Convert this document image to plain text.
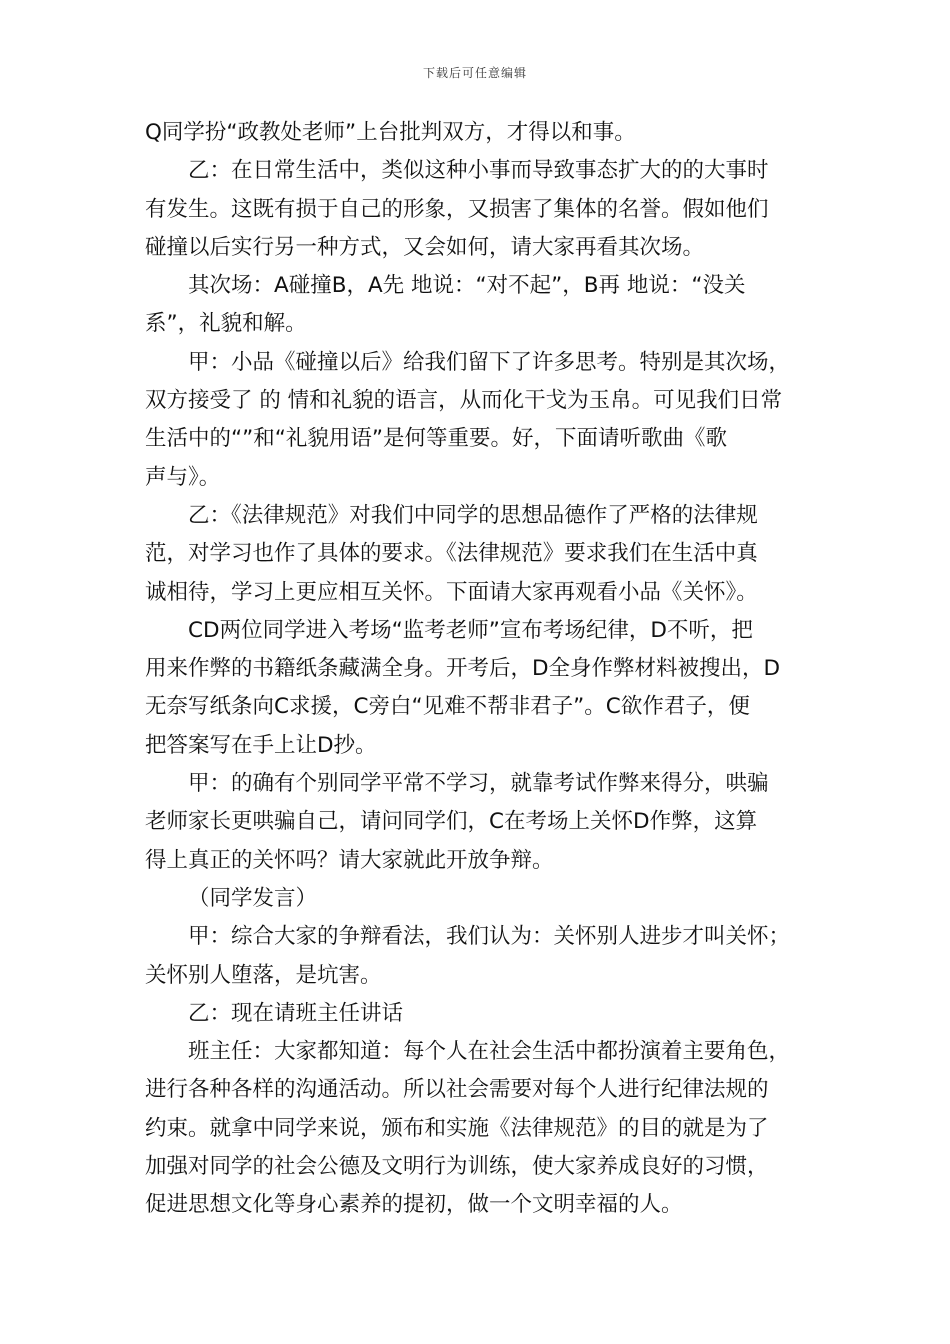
下载后可任意编辑
Q同学扮“政教处老师”上台批判双方，才得以和事。
乙：在日常生活中，类似这种小事而导致事态扩大的的大事时
有发生。这既有损于自己的形象，又损害了集体的名誉。假如他们
碰撞以后实行另一种方式，又会如何，请大家再看其次场。
其次场：A碰撞B，A先 地说：“对不起”，B再 地说：“没关
系”，礼貌和解。
甲：小品《碰撞以后》给我们留下了许多思考。特别是其次场，
双方接受了 的 情和礼貌的语言，从而化干戈为玉帛。可见我们日常
生活中的“”和“礼貌用语”是何等重要。好，下面请听歌曲《歌
声与》。
乙：《法律规范》对我们中同学的思想品德作了严格的法律规
范，对学习也作了具体的要求。《法律规范》要求我们在生活中真
诚相待，学习上更应相互关怀。下面请大家再观看小品《关怀》。
CD两位同学进入考场“监考老师”宣布考场纪律，D不听，把
用来作弊的书籍纸条藏满全身。开考后，D全身作弊材料被搜出，D
无奈写纸条向C求援，C旁白“见难不帮非君子”。C欲作君子，便
把答案写在手上让D抄。
甲：的确有个别同学平常不学习，就靠考试作弊来得分，哄骗
老师家长更哄骗自己，请问同学们，C在考场上关怀D作弊，这算
得上真正的关怀吗？请大家就此开放争辩。
（同学发言）
甲：综合大家的争辩看法，我们认为：关怀别人进步才叫关怀；
关怀别人堕落，是坑害。
乙：现在请班主任讲话
班主任：大家都知道：每个人在社会生活中都扮演着主要角色，
进行各种各样的沟通活动。所以社会需要对每个人进行纪律法规的
约束。就拿中同学来说，颁布和实施《法律规范》的目的就是为了
加强对同学的社会公德及文明行为训练，使大家养成良好的习惯，
促进思想文化等身心素养的提初，做一个文明幸福的人。
